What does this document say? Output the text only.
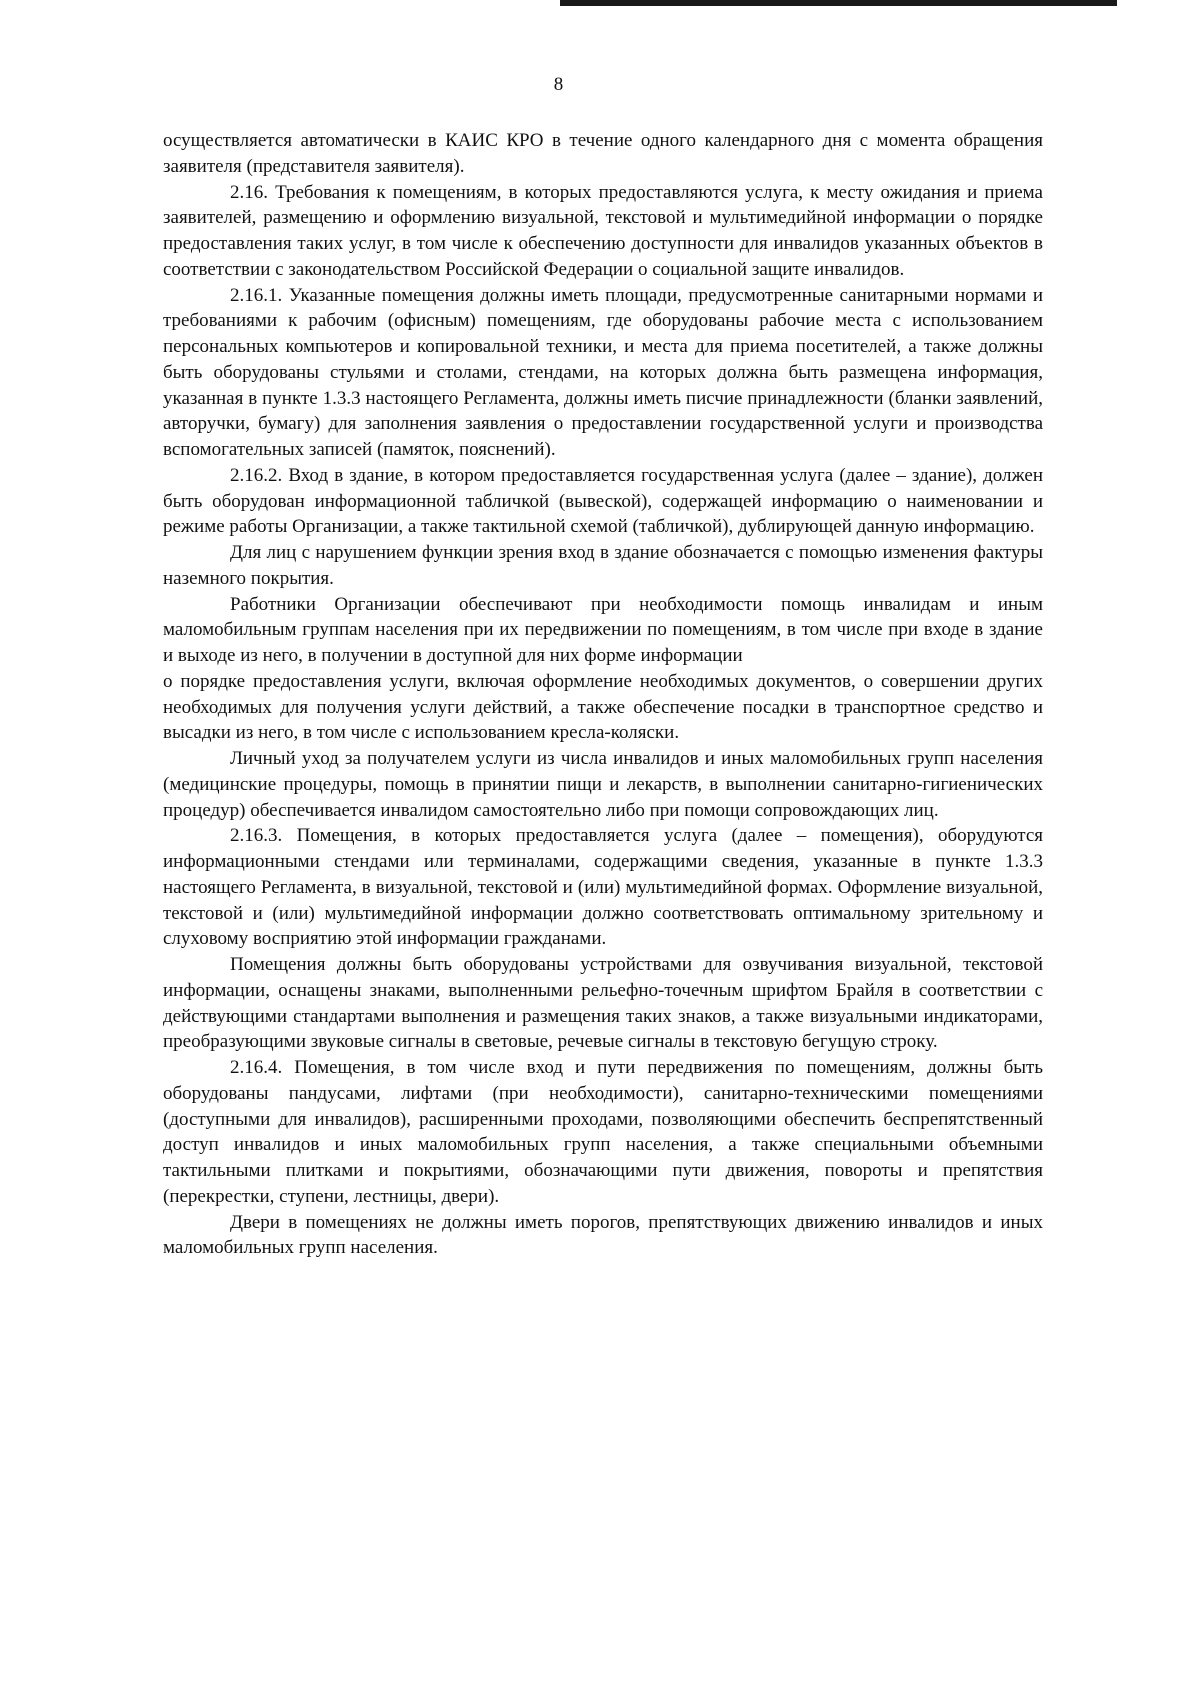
8

осуществляется автоматически в КАИС КРО в течение одного календарного дня с момента обращения заявителя (представителя заявителя).

2.16. Требования к помещениям, в которых предоставляются услуга, к месту ожидания и приема заявителей, размещению и оформлению визуальной, текстовой и мультимедийной информации о порядке предоставления таких услуг, в том числе к обеспечению доступности для инвалидов указанных объектов в соответствии с законодательством Российской Федерации о социальной защите инвалидов.

2.16.1. Указанные помещения должны иметь площади, предусмотренные санитарными нормами и требованиями к рабочим (офисным) помещениям, где оборудованы рабочие места с использованием персональных компьютеров и копировальной техники, и места для приема посетителей, а также должны быть оборудованы стульями и столами, стендами, на которых должна быть размещена информация, указанная в пункте 1.3.3 настоящего Регламента, должны иметь писчие принадлежности (бланки заявлений, авторучки, бумагу) для заполнения заявления о предоставлении государственной услуги и производства вспомогательных записей (памяток, пояснений).

2.16.2. Вход в здание, в котором предоставляется государственная услуга (далее – здание), должен быть оборудован информационной табличкой (вывеской), содержащей информацию о наименовании и режиме работы Организации, а также тактильной схемой (табличкой), дублирующей данную информацию.

Для лиц с нарушением функции зрения вход в здание обозначается с помощью изменения фактуры наземного покрытия.

Работники Организации обеспечивают при необходимости помощь инвалидам и иным маломобильным группам населения при их передвижении по помещениям, в том числе при входе в здание и выходе из него, в получении в доступной для них форме информации

о порядке предоставления услуги, включая оформление необходимых документов, о совершении других необходимых для получения услуги действий, а также обеспечение посадки в транспортное средство и высадки из него, в том числе с использованием кресла-коляски.

Личный уход за получателем услуги из числа инвалидов и иных маломобильных групп населения (медицинские процедуры, помощь в принятии пищи и лекарств, в выполнении санитарно-гигиенических процедур) обеспечивается инвалидом самостоятельно либо при помощи сопровождающих лиц.

2.16.3. Помещения, в которых предоставляется услуга (далее – помещения), оборудуются информационными стендами или терминалами, содержащими сведения, указанные в пункте 1.3.3 настоящего Регламента, в визуальной, текстовой и (или) мультимедийной формах. Оформление визуальной, текстовой и (или) мультимедийной информации должно соответствовать оптимальному зрительному и слуховому восприятию этой информации гражданами.

Помещения должны быть оборудованы устройствами для озвучивания визуальной, текстовой информации, оснащены знаками, выполненными рельефно-точечным шрифтом Брайля в соответствии с действующими стандартами выполнения и размещения таких знаков, а также визуальными индикаторами, преобразующими звуковые сигналы в световые, речевые сигналы в текстовую бегущую строку.

2.16.4. Помещения, в том числе вход и пути передвижения по помещениям, должны быть оборудованы пандусами, лифтами (при необходимости), санитарно-техническими помещениями (доступными для инвалидов), расширенными проходами, позволяющими обеспечить беспрепятственный доступ инвалидов и иных маломобильных групп населения, а также специальными объемными тактильными плитками и покрытиями, обозначающими пути движения, повороты и препятствия (перекрестки, ступени, лестницы, двери).

Двери в помещениях не должны иметь порогов, препятствующих движению инвалидов и иных маломобильных групп населения.
